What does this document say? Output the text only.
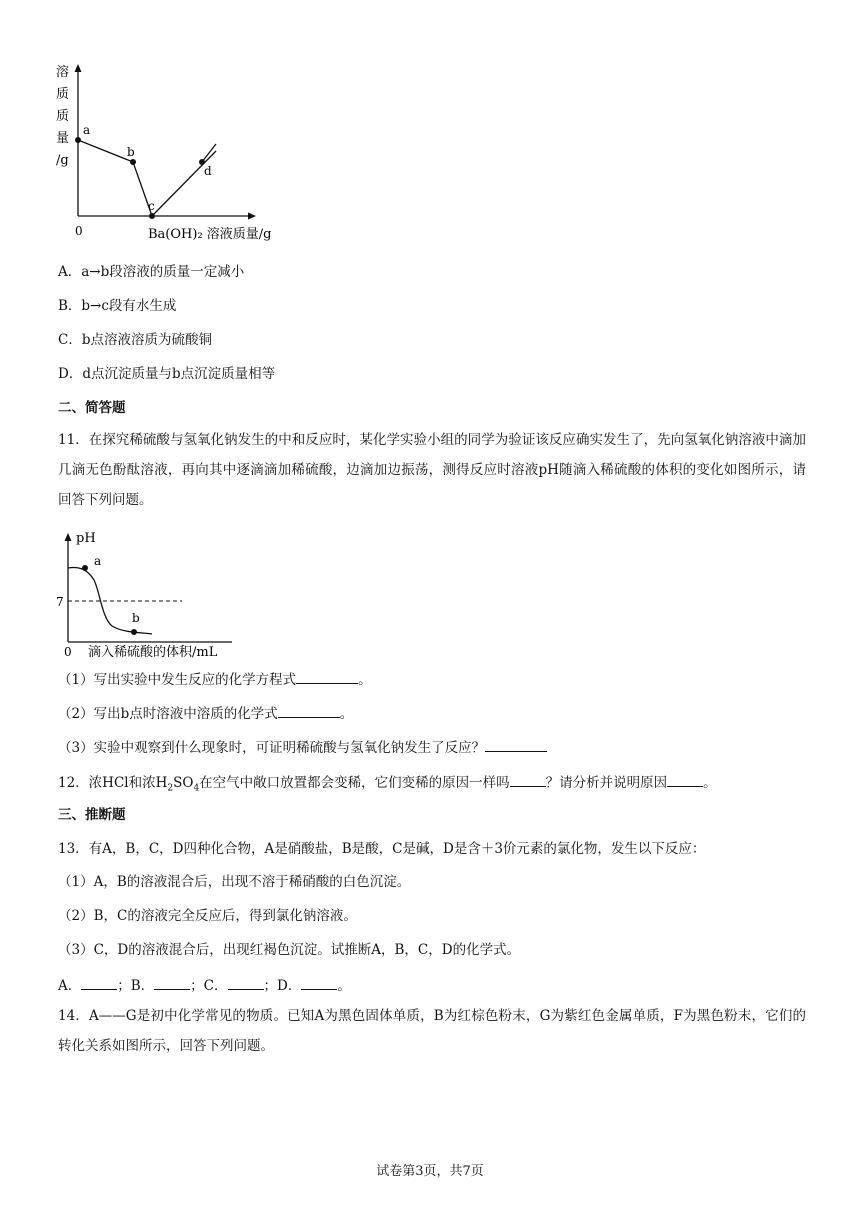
溶
质
质
量
/g
0	Ba(OH)₂ 溶液质量/g
a
b
c
d
A．a→b段溶液的质量一定减小
B．b→c段有水生成
C．b点溶液溶质为硫酸铜
D．d点沉淀质量与b点沉淀质量相等
二、简答题
11．在探究稀硫酸与氢氧化钠发生的中和反应时，某化学实验小组的同学为验证该反应确实发生了，先向氢氧化钠溶液中滴加几滴无色酚酞溶液，再向其中逐滴滴加稀硫酸，边滴加边振荡，测得反应时溶液pH随滴入稀硫酸的体积的变化如图所示，请回答下列问题。
pH
7
a
b
0 滴入稀硫酸的体积/mL
（1）写出实验中发生反应的化学方程式	。
（2）写出b点时溶液中溶质的化学式	。
（3）实验中观察到什么现象时，可证明稀硫酸与氢氧化钠发生了反应？
12．浓HCl和浓$H_2SO_4$在空气中敞口放置都会变稀，它们变稀的原因一样吗	？请分析并说明原因	。
三、推断题
13．有A，B，C，D四种化合物，A是硝酸盐，B是酸，C是碱，D是含＋3价元素的氯化物，发生以下反应：
（1）A，B的溶液混合后，出现不溶于稀硝酸的白色沉淀。
（2）B，C的溶液完全反应后，得到氯化钠溶液。
（3）C，D的溶液混合后，出现红褐色沉淀。试推断A，B，C，D的化学式。
A．	；B．	；C．	；D．	。
14．A——G是初中化学常见的物质。已知A为黑色固体单质，B为红棕色粉末，G为紫红色金属单质，F为黑色粉末，它们的转化关系如图所示，回答下列问题。
试卷第3页，共7页
